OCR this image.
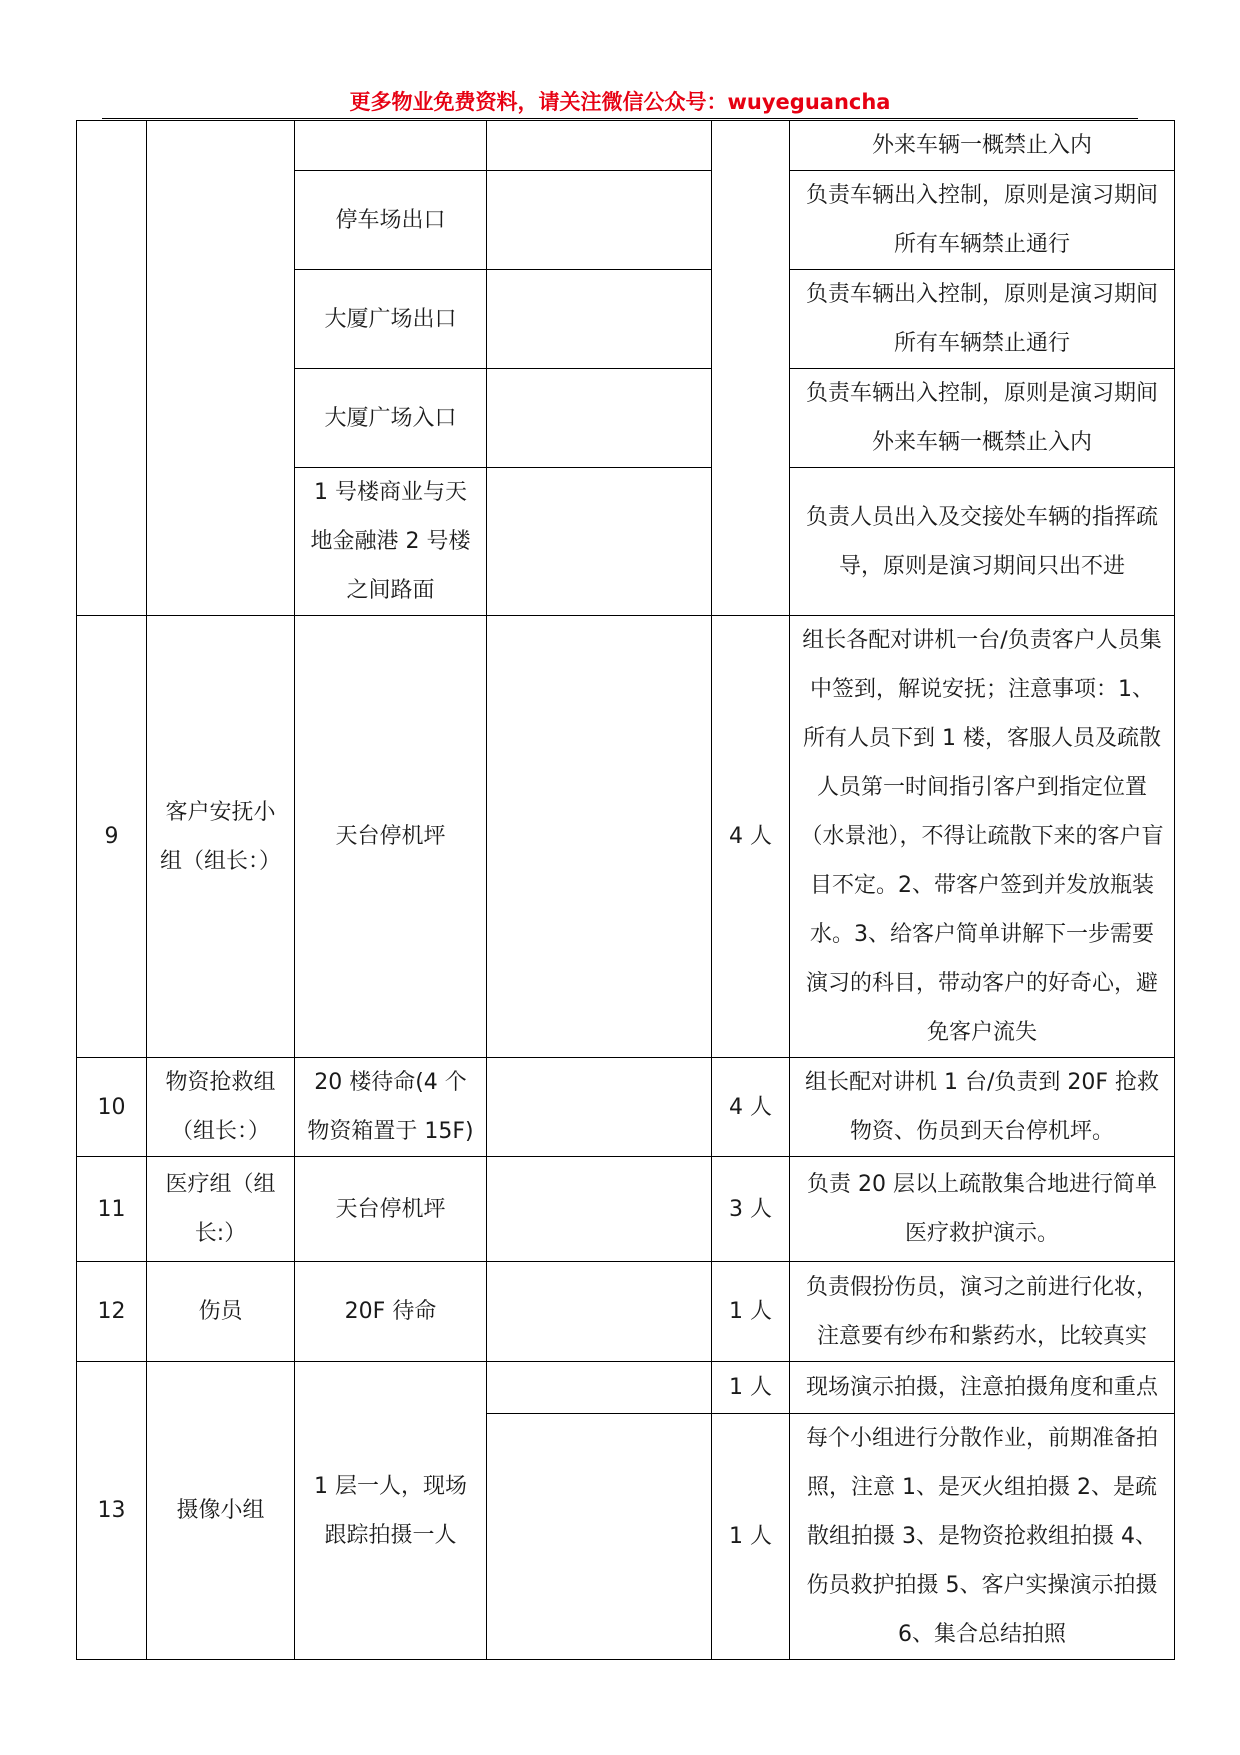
更多物业免费资料，请关注微信公众号：wuyeguancha
					外来车辆一概禁止入内
		停车场出口			负责车辆出入控制，原则是演习期间所有车辆禁止通行
		大厦广场出口			负责车辆出入控制，原则是演习期间所有车辆禁止通行
		大厦广场入口			负责车辆出入控制，原则是演习期间外来车辆一概禁止入内
		1 号楼商业与天地金融港 2 号楼之间路面			负责人员出入及交接处车辆的指挥疏导，原则是演习期间只出不进
9	客户安抚小组（组长：）	天台停机坪		4 人	组长各配对讲机一台/负责客户人员集中签到，解说安抚；注意事项：1、所有人员下到 1 楼，客服人员及疏散人员第一时间指引客户到指定位置（水景池），不得让疏散下来的客户盲目不定。2、带客户签到并发放瓶装水。3、给客户简单讲解下一步需要演习的科目，带动客户的好奇心，避免客户流失
10	物资抢救组（组长：）	20 楼待命(4 个物资箱置于 15F)		4 人	组长配对讲机 1 台/负责到 20F 抢救物资、伤员到天台停机坪。
11	医疗组（组长:）	天台停机坪		3 人	负责 20 层以上疏散集合地进行简单医疗救护演示。
12	伤员	20F 待命		1 人	负责假扮伤员，演习之前进行化妆，注意要有纱布和紫药水，比较真实
13	摄像小组	1 层一人，现场跟踪拍摄一人		1 人	现场演示拍摄，注意拍摄角度和重点
				1 人	每个小组进行分散作业，前期准备拍照，注意 1、是灭火组拍摄 2、是疏散组拍摄 3、是物资抢救组拍摄 4、伤员救护拍摄 5、客户实操演示拍摄 6、集合总结拍照
